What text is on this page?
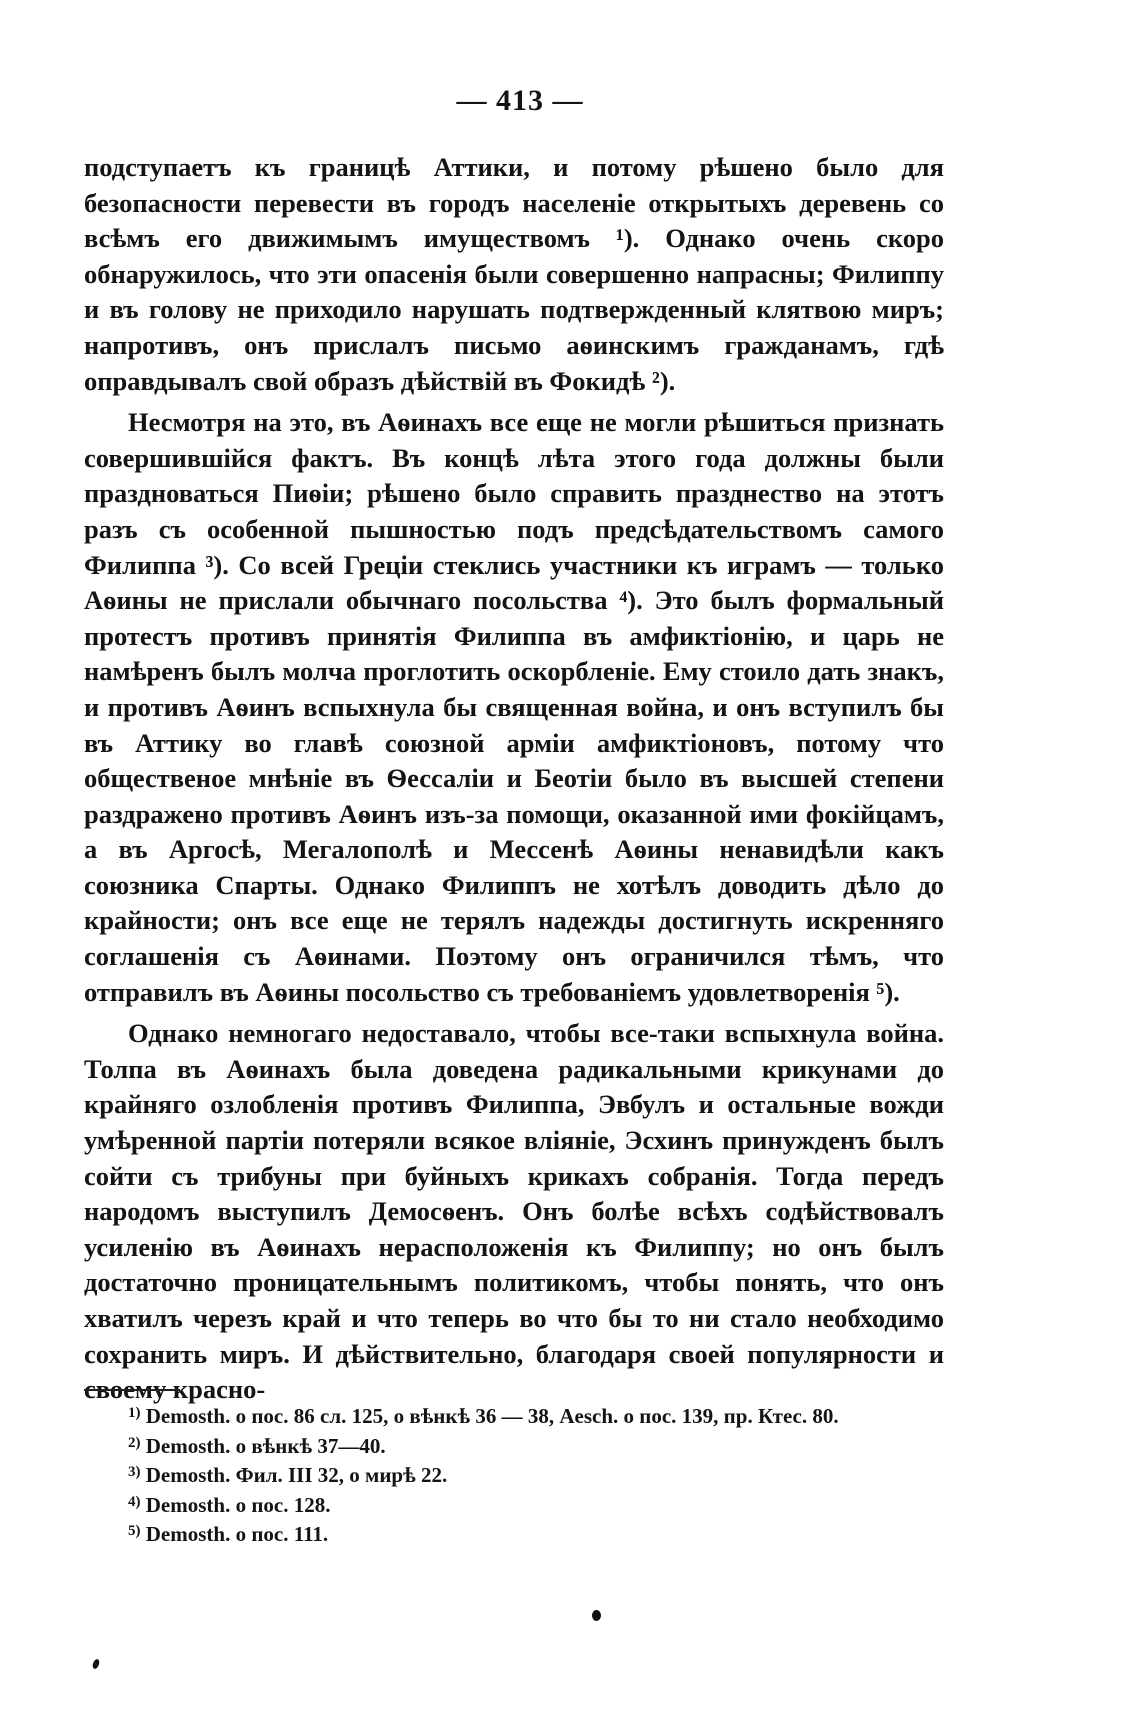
— 413 —

подступаетъ къ границѣ Аттики, и потому рѣшено было для безопасности перевести въ городъ населеніе открытыхъ деревень со всѣмъ его движимымъ имуществомъ ¹). Однако очень скоро обнаружилось, что эти опасенія были совершенно напрасны; Филиппу и въ голову не приходило нарушать подтвержденный клятвою миръ; напротивъ, онъ прислалъ письмо аѳинскимъ гражданамъ, гдѣ оправдывалъ свой образъ дѣйствій въ Фокидѣ ²).

Несмотря на это, въ Аѳинахъ все еще не могли рѣшиться признать совершившійся фактъ. Въ концѣ лѣта этого года должны были праздноваться Пиѳіи; рѣшено было справить празднество на этотъ разъ съ особенной пышностью подъ предсѣдательствомъ самого Филиппа ³). Со всей Греціи стеклись участники къ играмъ — только Аѳины не прислали обычнаго посольства ⁴). Это былъ формальный протестъ противъ принятія Филиппа въ амфиктіонію, и царь не намѣренъ былъ молча проглотить оскорбленіе. Ему стоило дать знакъ, и противъ Аѳинъ вспыхнула бы священная война, и онъ вступилъ бы въ Аттику во главѣ союзной арміи амфиктіоновъ, потому что общественое мнѣніе въ Ѳессаліи и Беотіи было въ высшей степени раздражено противъ Аѳинъ изъ-за помощи, оказанной ими фокійцамъ, а въ Аргосѣ, Мегалополѣ и Мессенѣ Аѳины ненавидѣли какъ союзника Спарты. Однако Филиппъ не хотѣлъ доводить дѣло до крайности; онъ все еще не терялъ надежды достигнуть искренняго соглашенія съ Аѳинами. Поэтому онъ ограничился тѣмъ, что отправилъ въ Аѳины посольство съ требованіемъ удовлетворенія ⁵).

Однако немногаго недоставало, чтобы все-таки вспыхнула война. Толпа въ Аѳинахъ была доведена радикальными крикунами до крайняго озлобленія противъ Филиппа, Эвбулъ и остальные вожди умѣренной партіи потеряли всякое вліяніе, Эсхинъ принужденъ былъ сойти съ трибуны при буйныхъ крикахъ собранія. Тогда передъ народомъ выступилъ Демосѳенъ. Онъ болѣе всѣхъ содѣйствовалъ усиленію въ Аѳинахъ нерасположенія къ Филиппу; но онъ былъ достаточно проницательнымъ политикомъ, чтобы понять, что онъ хватилъ черезъ край и что теперь во что бы то ни стало необходимо сохранить миръ. И дѣйствительно, благодаря своей популярности и своему красно-

$^{1)}$ Demosth. о пос. 86 сл. 125, о вѣнкѣ 36 — 38, Aesch. о пос. 139, пр. Ктес. 80.

$^{2)}$ Demosth. о вѣнкѣ 37—40.

$^{3)}$ Demosth. Фил. III 32, о мирѣ 22.

$^{4)}$ Demosth. о пос. 128.

$^{5)}$ Demosth. о пос. 111.
